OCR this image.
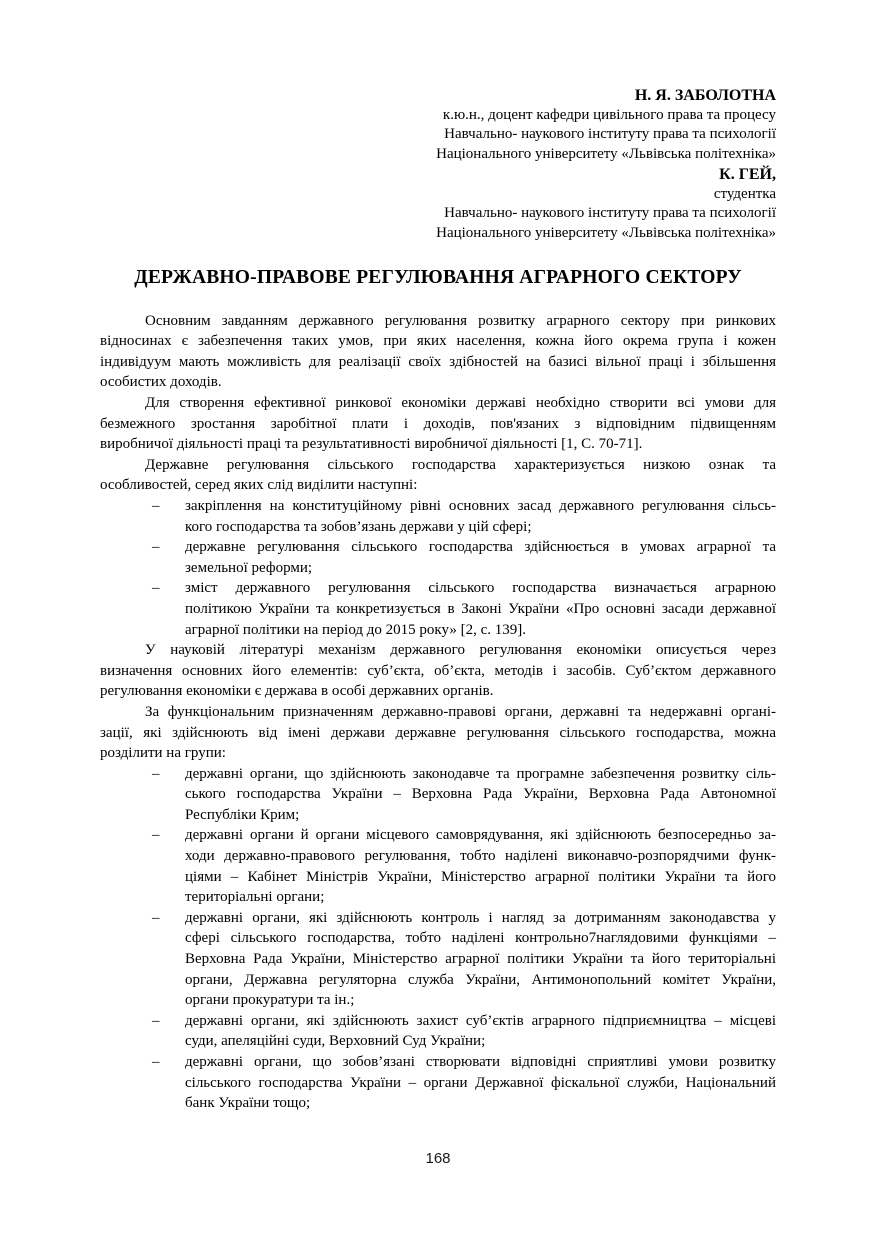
Н. Я. ЗАБОЛОТНА
к.ю.н., доцент кафедри цивільного права та процесу
Навчально- наукового інституту права та психології
Національного університету «Львівська політехніка»
К. ГЕЙ,
студентка
Навчально- наукового інституту права та психології
Національного університету «Львівська політехніка»
ДЕРЖАВНО-ПРАВОВЕ РЕГУЛЮВАННЯ АГРАРНОГО СЕКТОРУ
Основним завданням державного регулювання розвитку аграрного сектору при ринкових
відносинах є забезпечення таких умов, при яких населення, кожна його окрема група і кожен
індивідуум мають можливість для реалізації своїх здібностей на базисі вільної праці і збільшення
особистих доходів.
Для створення ефективної ринкової економіки державі необхідно створити всі умови для
безмежного зростання заробітної плати і доходів, пов'язаних з відповідним підвищенням
виробничої діяльності праці та результативності виробничої діяльності [1, С. 70-71].
Державне регулювання сільського господарства характеризується низкою ознак та
особливостей, серед яких слід виділити наступні:
– закріплення на конституційному рівні основних засад державного регулювання сільсь-
кого господарства та зобов’язань держави у цій сфері;
– державне регулювання сільського господарства здійснюється в умовах аграрної та
земельної реформи;
– зміст державного регулювання сільського господарства визначається аграрною
політикою України та конкретизується в Законі України «Про основні засади державної
аграрної політики на період до 2015 року» [2, с. 139].
У науковій літературі механізм державного регулювання економіки описується через
визначення основних його елементів: суб’єкта, об’єкта, методів і засобів. Суб’єктом державного
регулювання економіки є держава в особі державних органів.
За функціональним призначенням державно-правові органи, державні та недержавні органі-
зації, які здійснюють від імені держави державне регулювання сільського господарства, можна
розділити на групи:
– державні органи, що здійснюють законодавче та програмне забезпечення розвитку сіль-
ського господарства України – Верховна Рада України, Верховна Рада Автономної
Республіки Крим;
– державні органи й органи місцевого самоврядування, які здійснюють безпосередньо за-
ходи державно-правового регулювання, тобто наділені виконавчо-розпорядчими функ-
ціями – Кабінет Міністрів України, Міністерство аграрної політики України та його
територіальні органи;
– державні органи, які здійснюють контроль і нагляд за дотриманням законодавства у
сфері сільського господарства, тобто наділені контрольно7наглядовими функціями –
Верховна Рада України, Міністерство аграрної політики України та його територіальні
органи, Державна регуляторна служба України, Антимонопольний комітет України,
органи прокуратури та ін.;
– державні органи, які здійснюють захист суб’єктів аграрного підприємництва – місцеві
суди, апеляційні суди, Верховний Суд України;
– державні органи, що зобов’язані створювати відповідні сприятливі умови розвитку
сільського господарства України – органи Державної фіскальної служби, Національний
банк України тощо;
168
